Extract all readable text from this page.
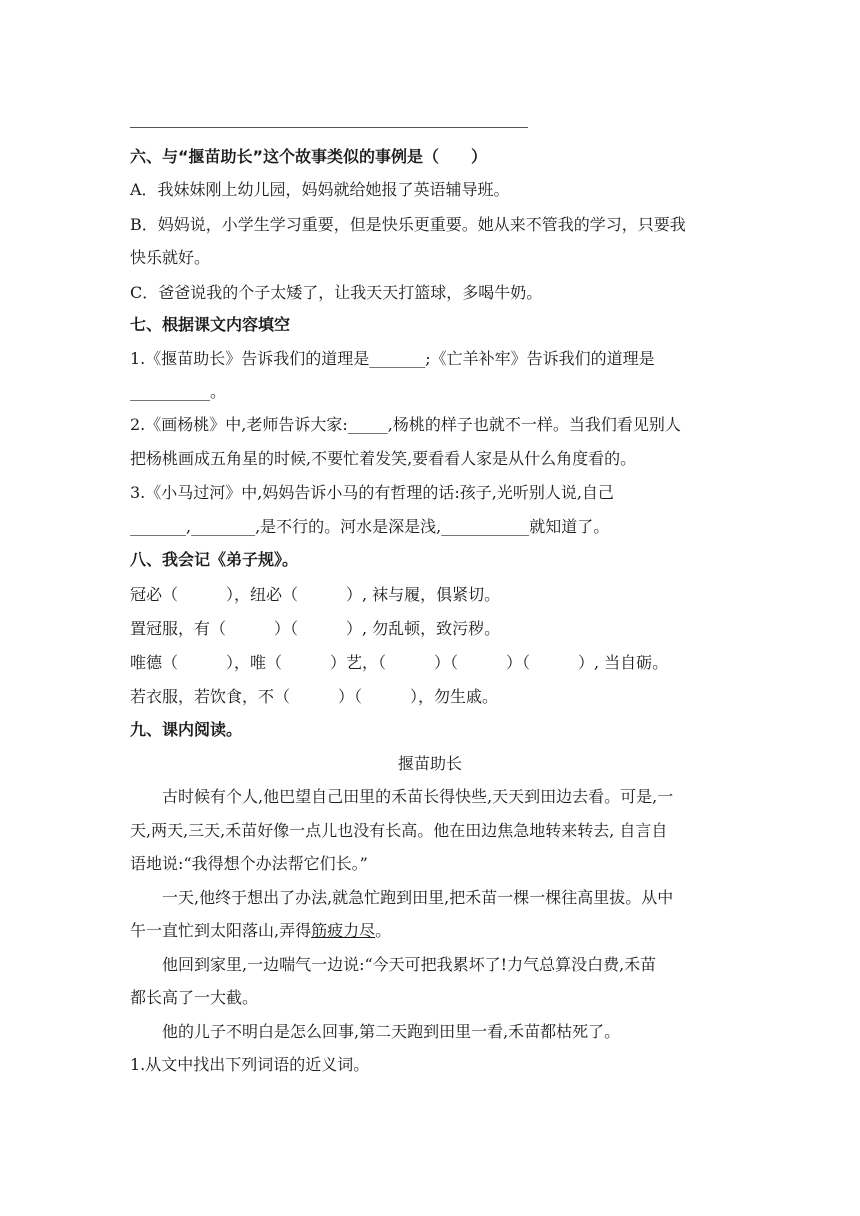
六、与“揠苗助长”这个故事类似的事例是（　　）
A．我妹妹刚上幼儿园，妈妈就给她报了英语辅导班。
B．妈妈说，小学生学习重要，但是快乐更重要。她从来不管我的学习，只要我
快乐就好。
C．爸爸说我的个子太矮了，让我天天打篮球，多喝牛奶。
七、根据课文内容填空
1.《揠苗助长》告诉我们的道理是_______;《亡羊补牢》告诉我们的道理是
__________。
2.《画杨桃》中,老师告诉大家:_____,杨桃的样子也就不一样。当我们看见别人
把杨桃画成五角星的时候,不要忙着发笑,要看看人家是从什么角度看的。
3.《小马过河》中,妈妈告诉小马的有哲理的话:孩子,光听别人说,自己
_______,________,是不行的。河水是深是浅,___________就知道了。
八、我会记《弟子规》。
冠必（　　　），纽必（　　　）, 袜与履，俱紧切。
置冠服，有（　　　）（　　　）, 勿乱顿，致污秽。
唯德（　　　），唯（　　　）艺，（　　　）（　　　）（　　　）, 当自砺。
若衣服，若饮食，不（　　　）（　　　），勿生戚。
九、课内阅读。
揠苗助长
古时候有个人,他巴望自己田里的禾苗长得快些,天天到田边去看。可是,一
天,两天,三天,禾苗好像一点儿也没有长高。他在田边焦急地转来转去, 自言自
语地说:“我得想个办法帮它们长。”
一天,他终于想出了办法,就急忙跑到田里,把禾苗一棵一棵往高里拔。从中
午一直忙到太阳落山,弄得筋疲力尽。
他回到家里,一边喘气一边说:“今天可把我累坏了!力气总算没白费,禾苗
都长高了一大截。
他的儿子不明白是怎么回事,第二天跑到田里一看,禾苗都枯死了。
1.从文中找出下列词语的近义词。
